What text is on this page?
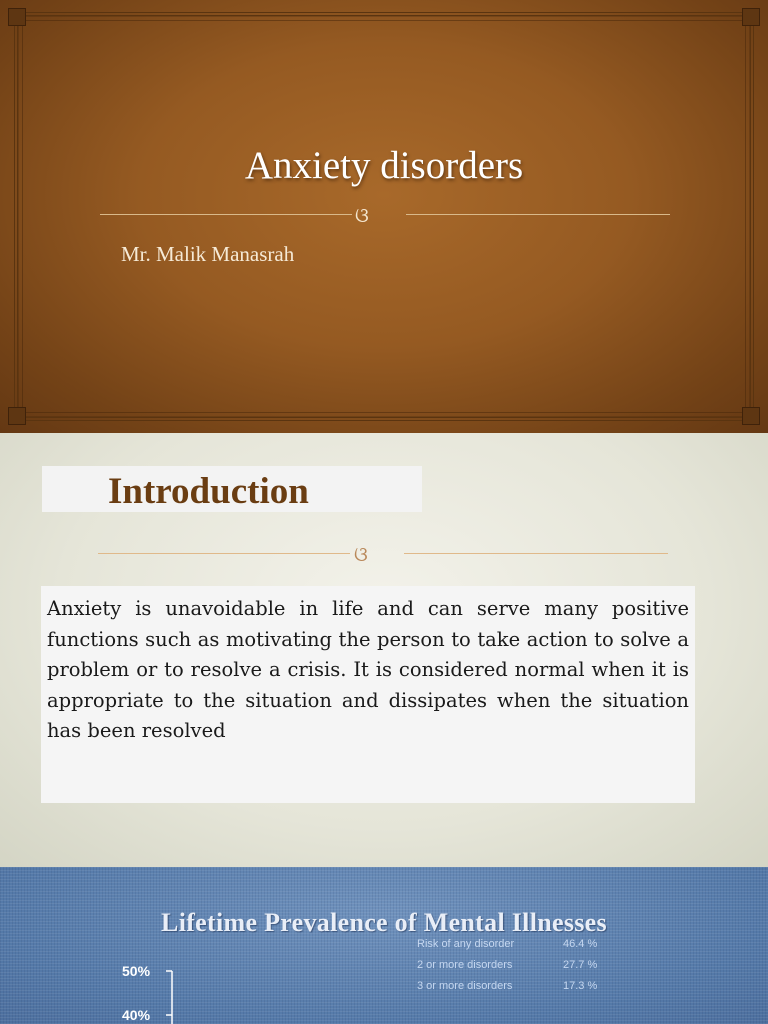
Anxiety disorders
ଓ
Mr. Malik Manasrah
Introduction
ଓ
Anxiety is unavoidable in life and can serve many positive functions such as motivating the person to take action to solve a problem or to resolve a crisis. It is considered normal when it is appropriate to the situation and dissipates when the situation has been resolved
Risk of any disorder	46.4 %
2 or more disorders	27.7 %
3 or more disorders	17.3 %
50%
40%
Lifetime Prevalence of Mental Illnesses
